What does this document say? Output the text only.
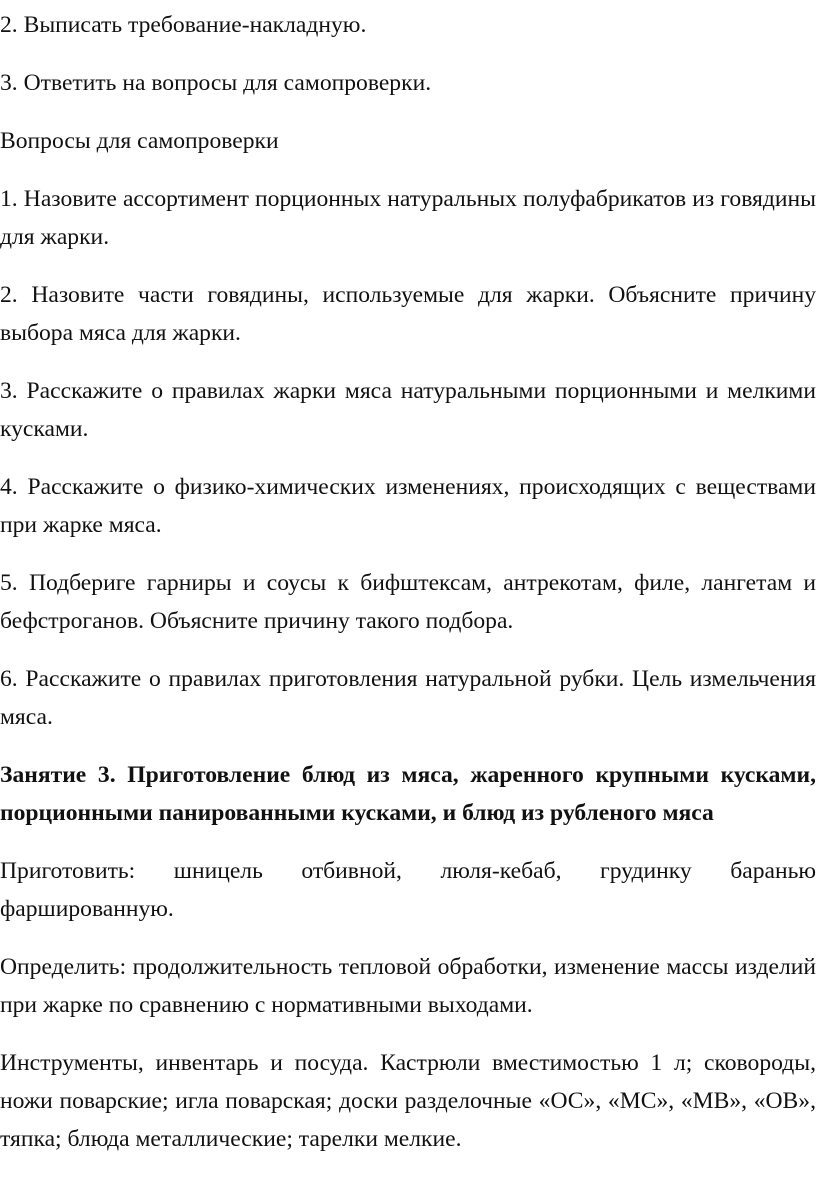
2. Выписать требование-накладную.

3. Ответить на вопросы для самопроверки.

Вопросы для самопроверки

1. Назовите ассортимент порционных натуральных полуфабрикатов из говядины для жарки.

2. Назовите части говядины, используемые для жарки. Объясните причину выбора мяса для жарки.

3. Расскажите о правилах жарки мяса натуральными порционными и мелкими кусками.

4. Расскажите о физико-химических изменениях, происходящих с веществами при жарке мяса.

5. Подбериге гарниры и соусы к бифштексам, антрекотам, филе, лангетам и бефстроганов. Объясните причину такого подбора.

6. Расскажите о правилах приготовления натуральной рубки. Цель измельчения мяса.

Занятие 3. Приготовление блюд из мяса, жаренного крупными кусками, порционными панированными кусками, и блюд из рубленого мяса

Приготовить: шницель отбивной, люля-кебаб, грудинку баранью фаршированную.

Определить: продолжительность тепловой обработки, изменение массы изделий при жарке по сравнению с нормативными выходами.

Инструменты, инвентарь и посуда. Кастрюли вместимостью 1 л; сковороды, ножи поварские; игла поварская; доски разделочные «ОС», «МС», «МВ», «ОВ», тяпка; блюда металлические; тарелки мелкие.
